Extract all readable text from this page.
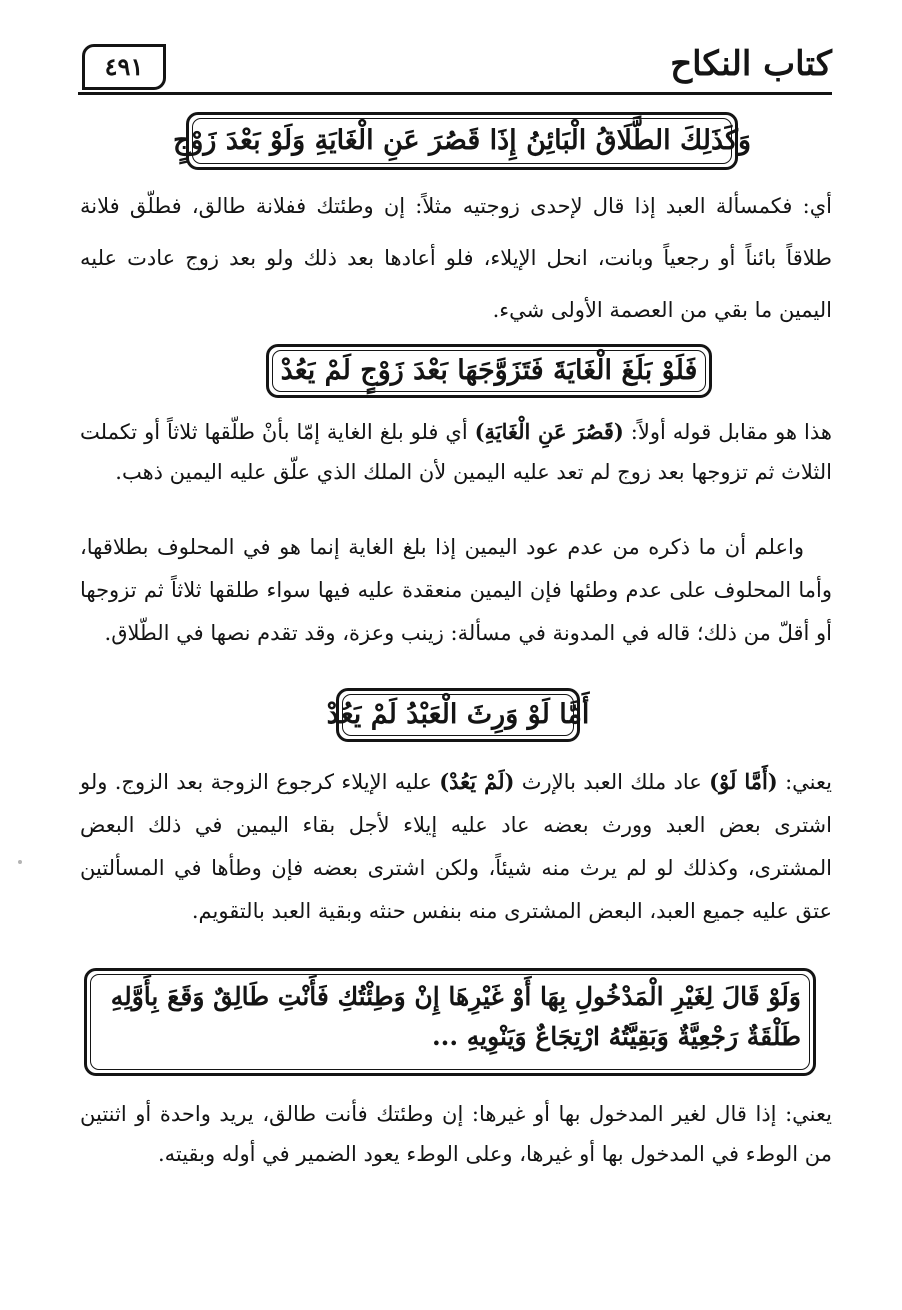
٤٩١	كتاب النكاح
وَكَذَلِكَ الطَّلَاقُ الْبَائِنُ إِذَا قَصُرَ عَنِ الْغَايَةِ وَلَوْ بَعْدَ زَوْجٍ
أي: فكمسألة العبد إذا قال لإحدى زوجتيه مثلاً: إن وطئتك ففلانة طالق، فطلّق فلانة طلاقاً بائناً أو رجعياً وبانت، انحل الإيلاء، فلو أعادها بعد ذلك ولو بعد زوج عادت عليه اليمين ما بقي من العصمة الأولى شيء.
فَلَوْ بَلَغَ الْغَايَةَ فَتَزَوَّجَهَا بَعْدَ زَوْجٍ لَمْ يَعُدْ
هذا هو مقابل قوله أولاً: (قَصُرَ عَنِ الْغَايَةِ) أي فلو بلغ الغاية إمّا بأنْ طلّقها ثلاثاً أو تكملت الثلاث ثم تزوجها بعد زوج لم تعد عليه اليمين لأن الملك الذي علّق عليه اليمين ذهب.
واعلم أن ما ذكره من عدم عود اليمين إذا بلغ الغاية إنما هو في المحلوف بطلاقها، وأما المحلوف على عدم وطئها فإن اليمين منعقدة عليه فيها سواء طلقها ثلاثاً ثم تزوجها أو أقلّ من ذلك؛ قاله في المدونة في مسألة: زينب وعزة، وقد تقدم نصها في الطّلاق.
أَمَّا لَوْ وَرِثَ الْعَبْدُ لَمْ يَعُدْ
يعني: (أَمَّا لَوْ) عاد ملك العبد بالإرث (لَمْ يَعُدْ) عليه الإيلاء كرجوع الزوجة بعد الزوج. ولو اشترى بعض العبد وورث بعضه عاد عليه إيلاء لأجل بقاء اليمين في ذلك البعض المشترى، وكذلك لو لم يرث منه شيئاً، ولكن اشترى بعضه فإن وطأها في المسألتين عتق عليه جميع العبد، البعض المشترى منه بنفس حنثه وبقية العبد بالتقويم.
وَلَوْ قَالَ لِغَيْرِ الْمَدْخُولِ بِهَا أَوْ غَيْرِهَا إِنْ وَطِئْتُكِ فَأَنْتِ طَالِقٌ وَقَعَ بِأَوَّلِهِ طَلْقَةٌ رَجْعِيَّةٌ وَبَقِيَّتُهُ ارْتِجَاعٌ وَيَنْوِيهِ ...
يعني: إذا قال لغير المدخول بها أو غيرها: إن وطئتك فأنت طالق، يريد واحدة أو اثنتين من الوطء في المدخول بها أو غيرها، وعلى الوطء يعود الضمير في أوله وبقيته.
